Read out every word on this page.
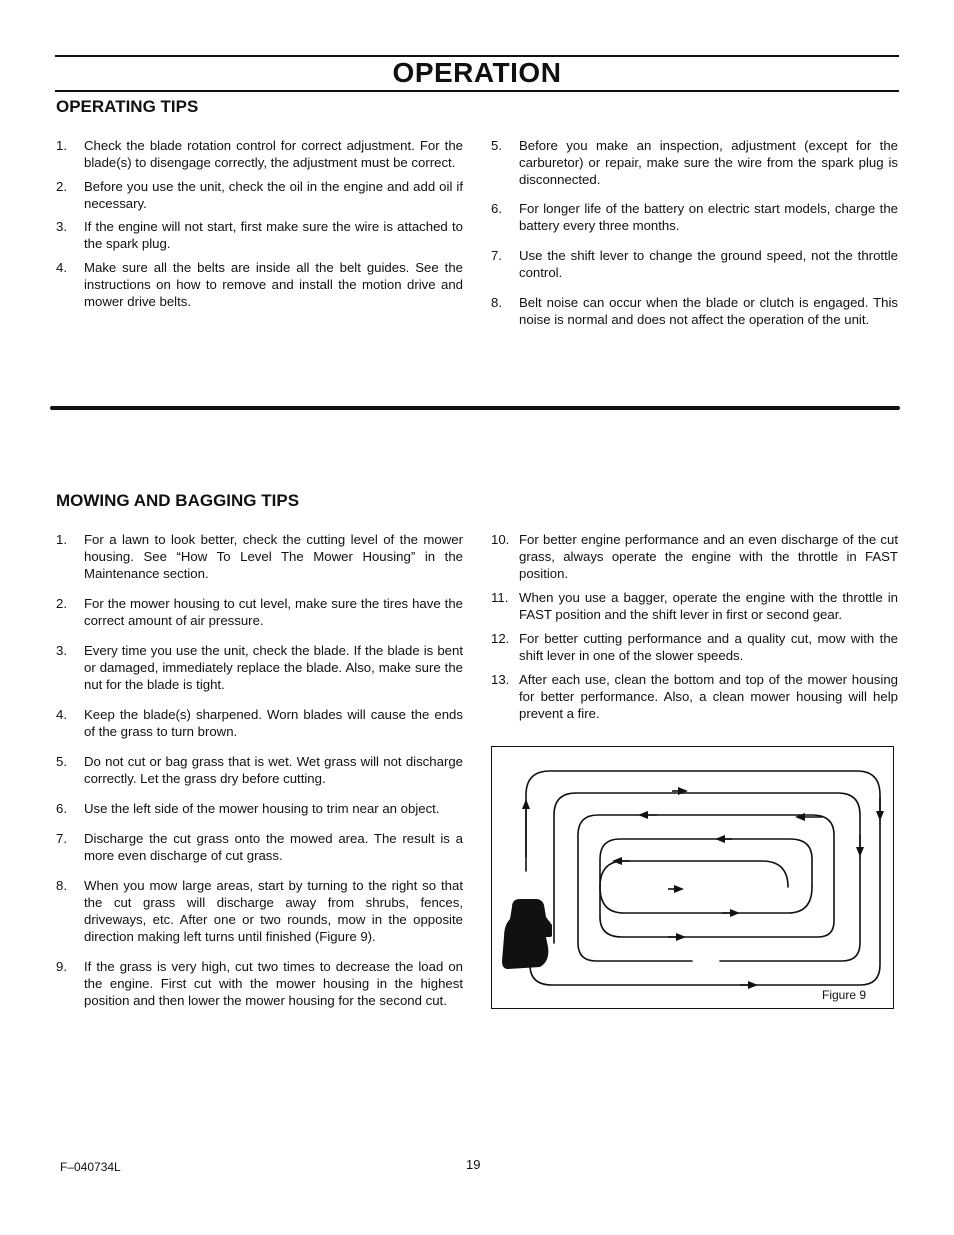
OPERATION
OPERATING TIPS
1. Check the blade rotation control for correct adjustment. For the blade(s) to disengage correctly, the adjustment must be correct.
2. Before you use the unit, check the oil in the engine and add oil if necessary.
3. If the engine will not start, first make sure the wire is attached to the spark plug.
4. Make sure all the belts are inside all the belt guides. See the instructions on how to remove and install the motion drive and mower drive belts.
5. Before you make an inspection, adjustment (except for the carburetor) or repair, make sure the wire from the spark plug is disconnected.
6. For longer life of the battery on electric start models, charge the battery every three months.
7. Use the shift lever to change the ground speed, not the throttle control.
8. Belt noise can occur when the blade or clutch is engaged. This noise is normal and does not affect the operation of the unit.
MOWING AND BAGGING TIPS
1. For a lawn to look better, check the cutting level of the mower housing. See “How To Level The Mower Housing” in the Maintenance section.
2. For the mower housing to cut level, make sure the tires have the correct amount of air pressure.
3. Every time you use the unit, check the blade. If the blade is bent or damaged, immediately replace the blade. Also, make sure the nut for the blade is tight.
4. Keep the blade(s) sharpened. Worn blades will cause the ends of the grass to turn brown.
5. Do not cut or bag grass that is wet. Wet grass will not discharge correctly. Let the grass dry before cutting.
6. Use the left side of the mower housing to trim near an object.
7. Discharge the cut grass onto the mowed area. The result is a more even discharge of cut grass.
8. When you mow large areas, start by turning to the right so that the cut grass will discharge away from shrubs, fences, driveways, etc. After one or two rounds, mow in the opposite direction making left turns until finished (Figure 9).
9. If the grass is very high, cut two times to decrease the load on the engine. First cut with the mower housing in the highest position and then lower the mower housing for the second cut.
10. For better engine performance and an even discharge of the cut grass, always operate the engine with the throttle in FAST position.
11. When you use a bagger, operate the engine with the throttle in FAST position and the shift lever in first or second gear.
12. For better cutting performance and a quality cut, mow with the shift lever in one of the slower speeds.
13. After each use, clean the bottom and top of the mower housing for better performance. Also, a clean mower housing will help prevent a fire.
Figure 9
F–040734L	19
